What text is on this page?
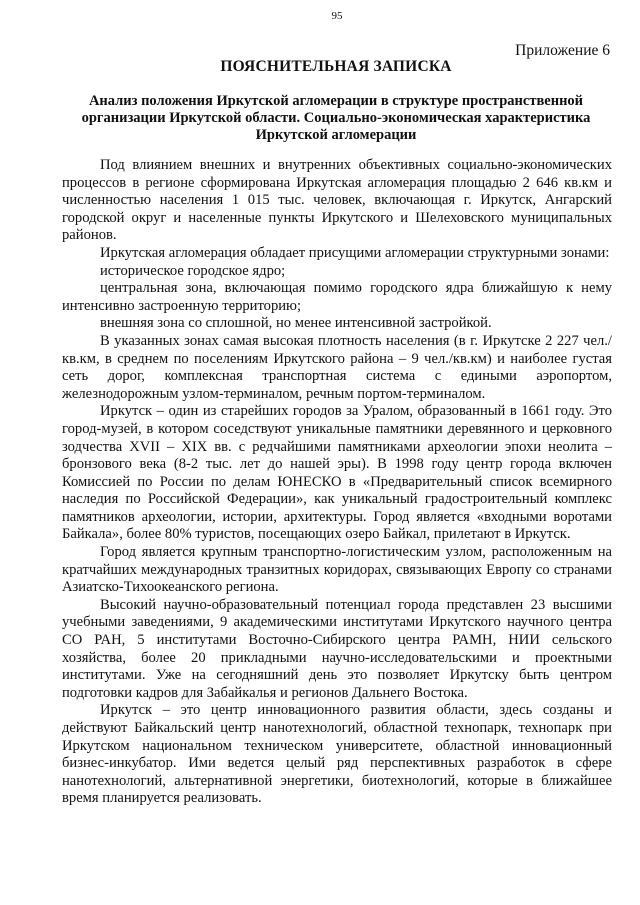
95
Приложение 6
ПОЯСНИТЕЛЬНАЯ ЗАПИСКА
Анализ положения Иркутской агломерации в структуре пространственной организации Иркутской области. Социально-экономическая характеристика Иркутской агломерации

Под влиянием внешних и внутренних объективных социально-экономических процессов в регионе сформирована Иркутская агломерация площадью 2 646 кв.км и численностью населения 1 015 тыс. человек, включающая г. Иркутск, Ангарский городской округ и населенные пункты Иркутского и Шелеховского муниципальных районов.

Иркутская агломерация обладает присущими агломерации структурными зонами:

историческое городское ядро;

центральная зона, включающая помимо городского ядра ближайшую к нему интенсивно застроенную территорию;

внешняя зона со сплошной, но менее интенсивной застройкой.

В указанных зонах самая высокая плотность населения (в г. Иркутске 2 227 чел./кв.км, в среднем по поселениям Иркутского района – 9 чел./кв.км) и наиболее густая сеть дорог, комплексная транспортная система с едиными аэропортом, железнодорожным узлом-терминалом, речным портом-терминалом.

Иркутск – один из старейших городов за Уралом, образованный в 1661 году. Это город-музей, в котором соседствуют уникальные памятники деревянного и церковного зодчества XVII – XIX вв. с редчайшими памятниками археологии эпохи неолита – бронзового века (8-2 тыс. лет до нашей эры). В 1998 году центр города включен Комиссией по России по делам ЮНЕСКО в «Предварительный список всемирного наследия по Российской Федерации», как уникальный градостроительный комплекс памятников археологии, истории, архитектуры. Город является «входными воротами Байкала», более 80% туристов, посещающих озеро Байкал, прилетают в Иркутск.

Город является крупным транспортно-логистическим узлом, расположенным на кратчайших международных транзитных коридорах, связывающих Европу со странами Азиатско-Тихоокеанского региона.

Высокий научно-образовательный потенциал города представлен 23 высшими учебными заведениями, 9 академическими институтами Иркутского научного центра СО РАН, 5 институтами Восточно-Сибирского центра РАМН, НИИ сельского хозяйства, более 20 прикладными научно-исследовательскими и проектными институтами. Уже на сегодняшний день это позволяет Иркутску быть центром подготовки кадров для Забайкалья и регионов Дальнего Востока.

Иркутск – это центр инновационного развития области, здесь созданы и действуют Байкальский центр нанотехнологий, областной технопарк, технопарк при Иркутском национальном техническом университете, областной инновационный бизнес-инкубатор. Ими ведется целый ряд перспективных разработок в сфере нанотехнологий, альтернативной энергетики, биотехнологий, которые в ближайшее время планируется реализовать.
